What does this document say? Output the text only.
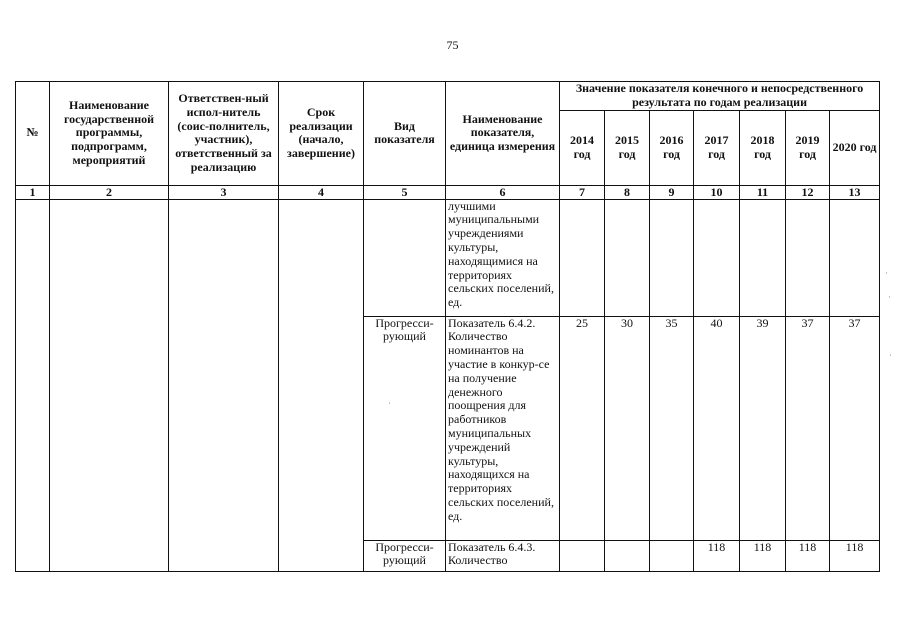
75
№	Наименование государственной программы, подпрограмм, мероприятий	Ответствен-ный испол-нитель (соис-полнитель, участник), ответственный за реализацию	Срок реализации (начало, завершение)	Вид показателя	Наименование показателя, единица измерения	Значение показателя конечного и непосредственного результата по годам реализации						
						2014 год	2015 год	2016 год	2017 год	2018 год	2019 год	2020 год
1	2	3	4	5	6	7	8	9	10	11	12	13
					лучшими муниципальными учреждениями культуры, находящимися на территориях сельских поселений, ед.							
				Прогресси-рующий	Показатель 6.4.2. Количество номинантов на участие в конкур-се на получение денежного поощрения для работников муниципальных учреждений культуры, находящихся на территориях сельских поселений, ед.	25	30	35	40	39	37	37
				Прогресси-рующий	Показатель 6.4.3. Количество				118	118	118	118
·
·
·
·
